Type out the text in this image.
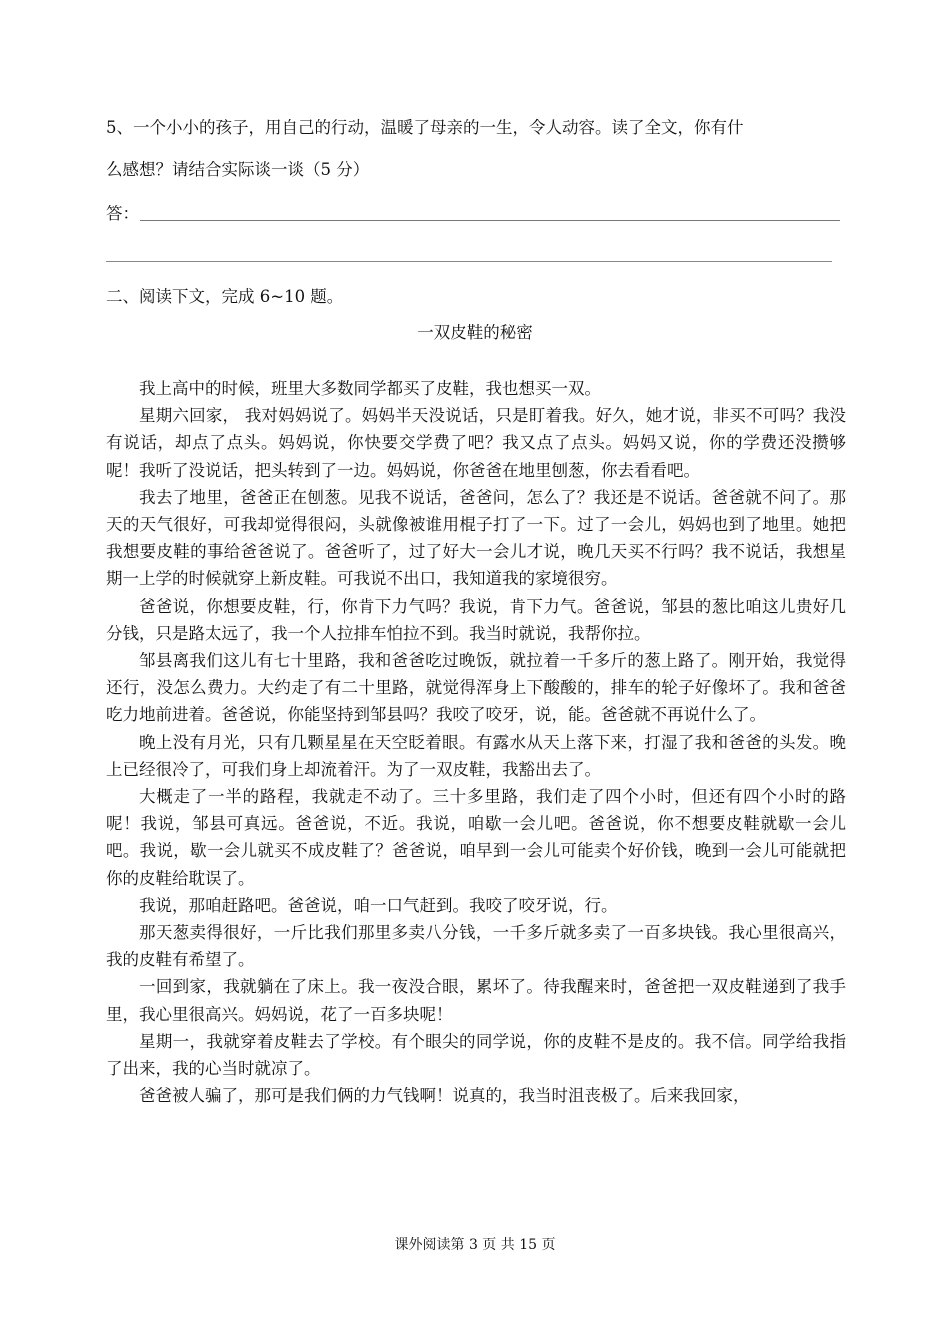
5、一个小小的孩子，用自己的行动，温暖了母亲的一生，令人动容。读了全文，你有什
么感想？请结合实际谈一谈（5 分）
答：
二、阅读下文，完成 6~10 题。
一双皮鞋的秘密

我上高中的时候，班里大多数同学都买了皮鞋，我也想买一双。

星期六回家， 我对妈妈说了。妈妈半天没说话，只是盯着我。好久，她才说，非买不可吗？我没有说话，却点了点头。妈妈说，你快要交学费了吧？我又点了点头。妈妈又说，你的学费还没攒够呢！我听了没说话，把头转到了一边。妈妈说，你爸爸在地里刨葱，你去看看吧。

我去了地里，爸爸正在刨葱。见我不说话，爸爸问，怎么了？我还是不说话。爸爸就不问了。那天的天气很好，可我却觉得很闷，头就像被谁用棍子打了一下。过了一会儿，妈妈也到了地里。她把我想要皮鞋的事给爸爸说了。爸爸听了，过了好大一会儿才说，晚几天买不行吗？我不说话，我想星期一上学的时候就穿上新皮鞋。可我说不出口，我知道我的家境很穷。

爸爸说，你想要皮鞋，行，你肯下力气吗？我说，肯下力气。爸爸说，邹县的葱比咱这儿贵好几分钱，只是路太远了，我一个人拉排车怕拉不到。我当时就说，我帮你拉。

邹县离我们这儿有七十里路，我和爸爸吃过晚饭，就拉着一千多斤的葱上路了。刚开始，我觉得还行，没怎么费力。大约走了有二十里路，就觉得浑身上下酸酸的，排车的轮子好像坏了。我和爸爸吃力地前进着。爸爸说，你能坚持到邹县吗？我咬了咬牙，说，能。爸爸就不再说什么了。

晚上没有月光，只有几颗星星在天空眨着眼。有露水从天上落下来，打湿了我和爸爸的头发。晚上已经很冷了，可我们身上却流着汗。为了一双皮鞋，我豁出去了。

大概走了一半的路程，我就走不动了。三十多里路，我们走了四个小时，但还有四个小时的路呢！我说，邹县可真远。爸爸说，不近。我说，咱歇一会儿吧。爸爸说，你不想要皮鞋就歇一会儿吧。我说，歇一会儿就买不成皮鞋了？爸爸说，咱早到一会儿可能卖个好价钱，晚到一会儿可能就把你的皮鞋给耽误了。

我说，那咱赶路吧。爸爸说，咱一口气赶到。我咬了咬牙说，行。

那天葱卖得很好，一斤比我们那里多卖八分钱，一千多斤就多卖了一百多块钱。我心里很高兴，我的皮鞋有希望了。

一回到家，我就躺在了床上。我一夜没合眼，累坏了。待我醒来时，爸爸把一双皮鞋递到了我手里，我心里很高兴。妈妈说，花了一百多块呢！

星期一，我就穿着皮鞋去了学校。有个眼尖的同学说，你的皮鞋不是皮的。我不信。同学给我指了出来，我的心当时就凉了。

爸爸被人骗了，那可是我们俩的力气钱啊！说真的，我当时沮丧极了。后来我回家，

课外阅读第 3 页 共 15 页
